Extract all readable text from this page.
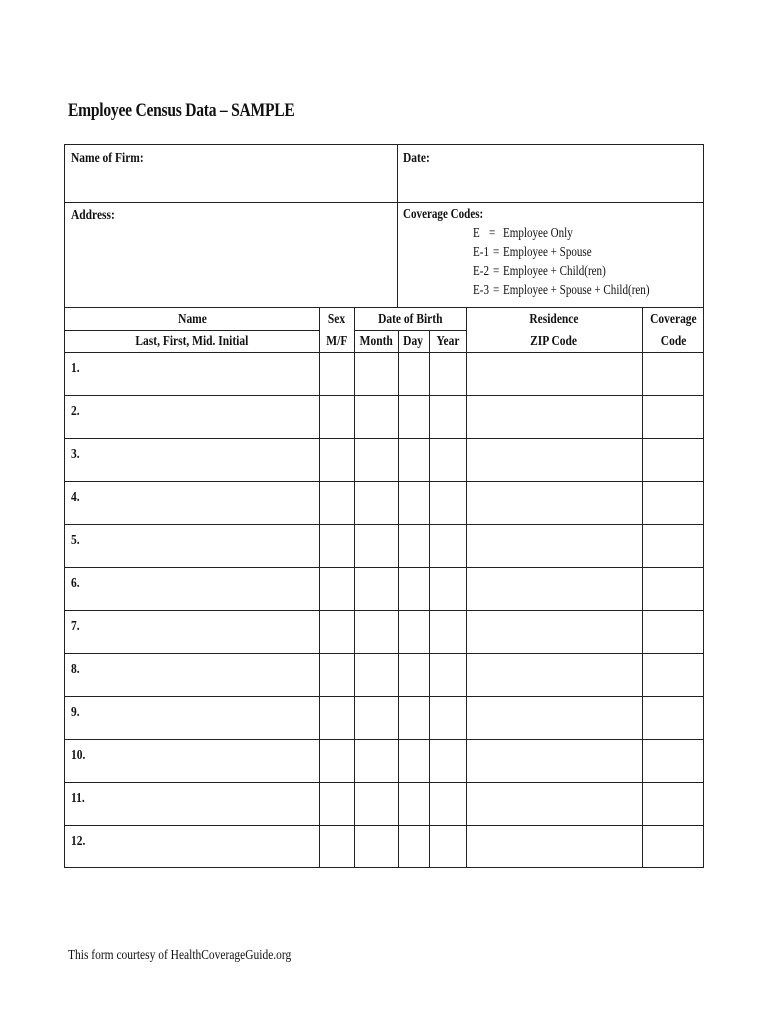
Employee Census Data – SAMPLE
Name of Firm:	Date:
Address:	Coverage Codes:
E = Employee Only
E-1 = Employee + Spouse
E-2 = Employee + Child(ren)
E-3 = Employee + Spouse + Child(ren)
Name
Last, First, Mid. Initial
Sex
M/F
Date of Birth
Month Day Year
Residence
ZIP Code
Coverage
Code
1.
2.
3.
4.
5.
6.
7.
8.
9.
10.
11.
12.
This form courtesy of HealthCoverageGuide.org
